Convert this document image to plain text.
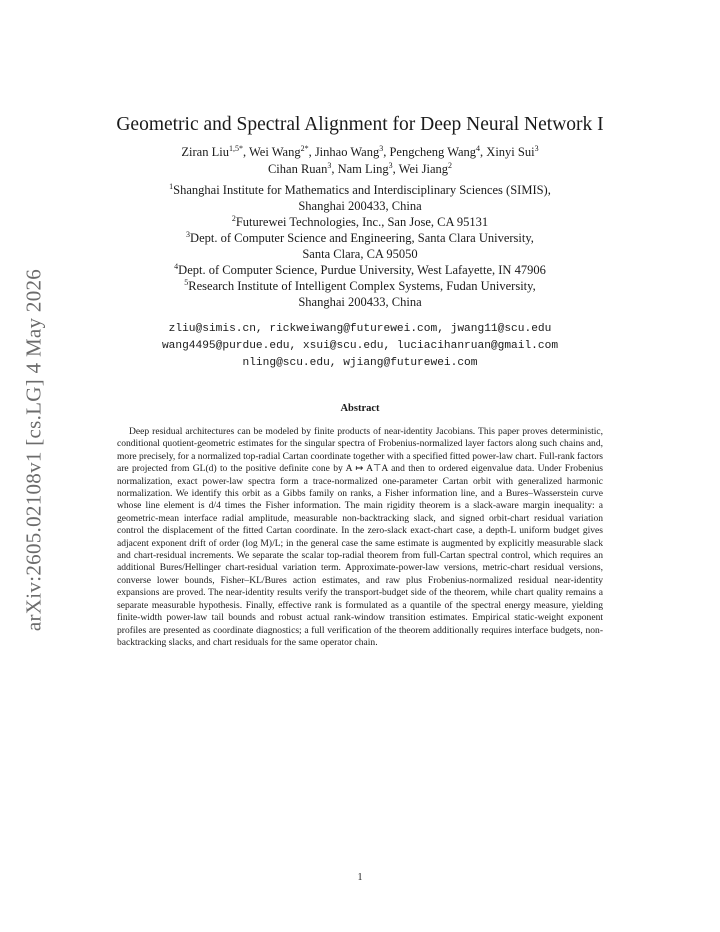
arXiv:2605.02108v1 [cs.LG] 4 May 2026
Geometric and Spectral Alignment for Deep Neural Network I
Ziran Liu$^{1,5*}$, Wei Wang$^{2*}$, Jinhao Wang$^3$, Pengcheng Wang$^4$, Xinyi Sui$^3$
Cihan Ruan$^3$, Nam Ling$^3$, Wei Jiang$^2$
$^1$Shanghai Institute for Mathematics and Interdisciplinary Sciences (SIMIS),
Shanghai 200433, China
$^2$Futurewei Technologies, Inc., San Jose, CA 95131
$^3$Dept. of Computer Science and Engineering, Santa Clara University,
Santa Clara, CA 95050
$^4$Dept. of Computer Science, Purdue University, West Lafayette, IN 47906
$^5$Research Institute of Intelligent Complex Systems, Fudan University,
Shanghai 200433, China
zliu@simis.cn, rickweiwang@futurewei.com, jwang11@scu.edu
wang4495@purdue.edu, xsui@scu.edu, luciacihanruan@gmail.com
nling@scu.edu, wjiang@futurewei.com
Abstract

Deep residual architectures can be modeled by finite products of near-identity Jacobians. This paper proves deterministic, conditional quotient-geometric estimates for the singular spectra of Frobenius-normalized layer factors along such chains and, more precisely, for a normalized top-radial Cartan coordinate together with a specified fitted power-law chart. Full-rank factors are projected from GL(d) to the positive definite cone by A ↦ A⊤A and then to ordered eigenvalue data. Under Frobenius normalization, exact power-law spectra form a trace-normalized one-parameter Cartan orbit with generalized harmonic normalization. We identify this orbit as a Gibbs family on ranks, a Fisher information line, and a Bures–Wasserstein curve whose line element is d/4 times the Fisher information. The main rigidity theorem is a slack-aware margin inequality: a geometric-mean interface radial amplitude, measurable non-backtracking slack, and signed orbit-chart residual variation control the displacement of the fitted Cartan coordinate. In the zero-slack exact-chart case, a depth-L uniform budget gives adjacent exponent drift of order (log M)/L; in the general case the same estimate is augmented by explicitly measurable slack and chart-residual increments. We separate the scalar top-radial theorem from full-Cartan spectral control, which requires an additional Bures/Hellinger chart-residual variation term. Approximate-power-law versions, metric-chart residual versions, converse lower bounds, Fisher–KL/Bures action estimates, and raw plus Frobenius-normalized residual near-identity expansions are proved. The near-identity results verify the transport-budget side of the theorem, while chart quality remains a separate measurable hypothesis. Finally, effective rank is formulated as a quantile of the spectral energy measure, yielding finite-width power-law tail bounds and robust actual rank-window transition estimates. Empirical static-weight exponent profiles are presented as coordinate diagnostics; a full verification of the theorem additionally requires interface budgets, non-backtracking slacks, and chart residuals for the same operator chain.

1
